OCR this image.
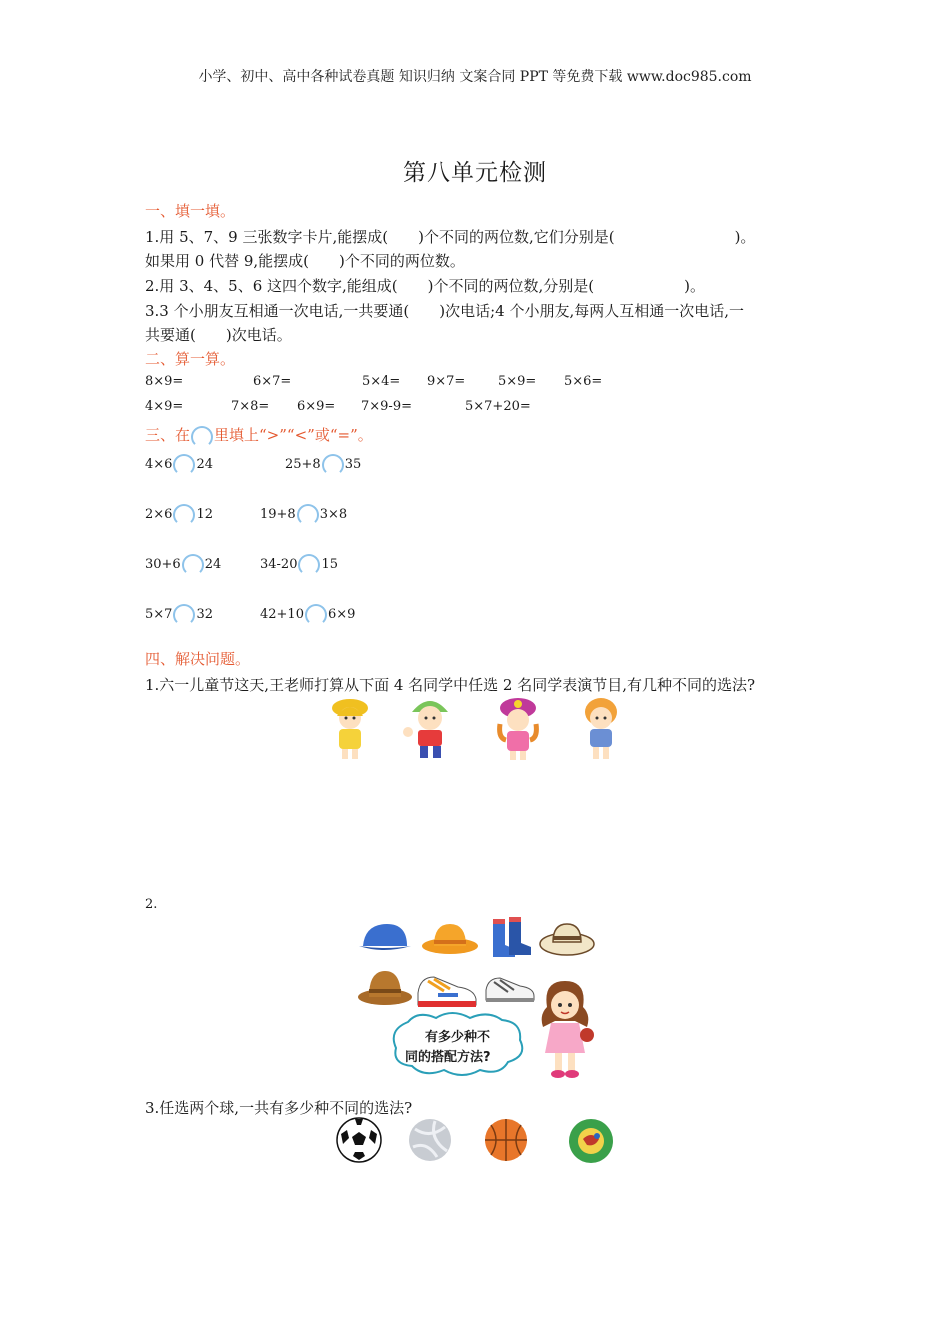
小学、初中、高中各种试卷真题 知识归纳 文案合同 PPT 等免费下载 www.doc985.com
第八单元检测
一、填一填。
1.用 5、7、9 三张数字卡片,能摆成(　　)个不同的两位数,它们分别是(　　　　　　　　)。
如果用 0 代替 9,能摆成(　　)个不同的两位数。
2.用 3、4、5、6 这四个数字,能组成(　　)个不同的两位数,分别是(　　　　　　)。
3.3 个小朋友互相通一次电话,一共要通(　　)次电话;4 个小朋友,每两人互相通一次电话,一
共要通(　　)次电话。
二、算一算。
8×9=	6×7=	5×4= 9×7=	5×9= 5×6=
4×9=	7×8= 6×9= 7×9-9=	5×7+20=
三、在 里填上“>”“<”或“=”。
4×6 24	25+8 35
2×6 12	19+8 3×8
30+6 24	34-20 15
5×7 32	42+10 6×9
四、解决问题。
1.六一儿童节这天,王老师打算从下面 4 名同学中任选 2 名同学表演节目,有几种不同的选法?
2.
有多少种不
同的搭配方法?
3.任选两个球,一共有多少种不同的选法?
